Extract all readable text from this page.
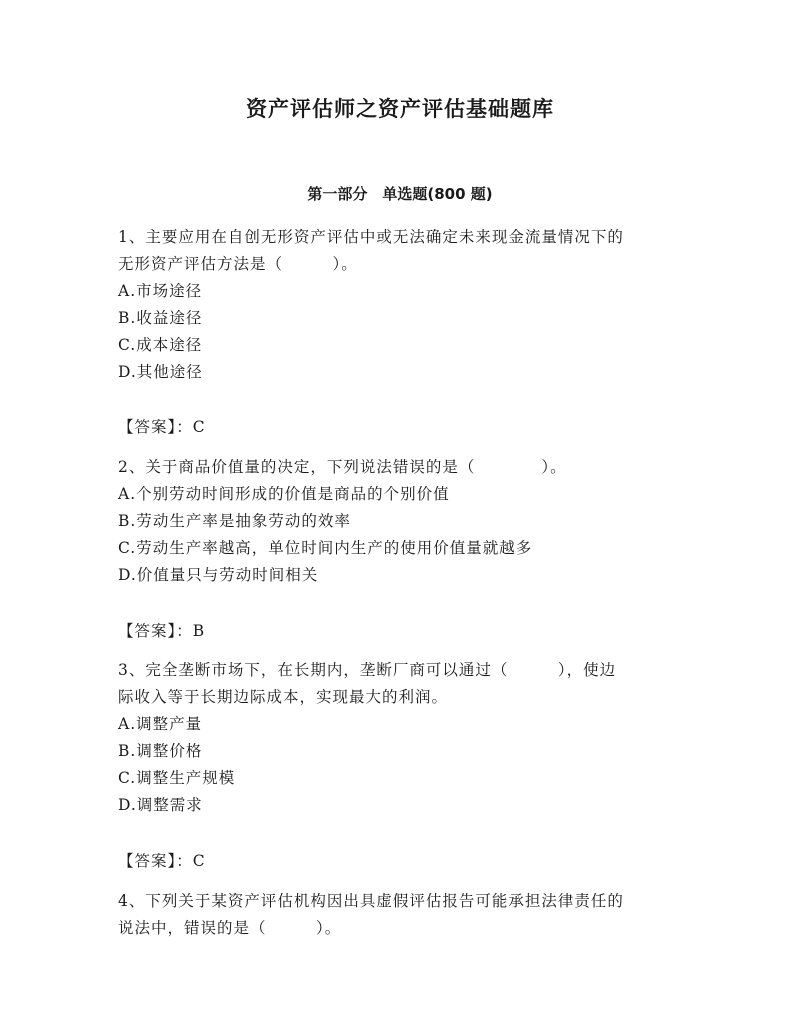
资产评估师之资产评估基础题库
第一部分　单选题(800 题)
1、主要应用在自创无形资产评估中或无法确定未来现金流量情况下的
无形资产评估方法是（　　　）。
A.市场途径
B.收益途径
C.成本途径
D.其他途径
【答案】：C
2、关于商品价值量的决定，下列说法错误的是（　　　　）。
A.个别劳动时间形成的价值是商品的个别价值
B.劳动生产率是抽象劳动的效率
C.劳动生产率越高，单位时间内生产的使用价值量就越多
D.价值量只与劳动时间相关
【答案】：B
3、完全垄断市场下，在长期内，垄断厂商可以通过（　　　），使边
际收入等于长期边际成本，实现最大的利润。
A.调整产量
B.调整价格
C.调整生产规模
D.调整需求
【答案】：C
4、下列关于某资产评估机构因出具虚假评估报告可能承担法律责任的
说法中，错误的是（　　　）。
